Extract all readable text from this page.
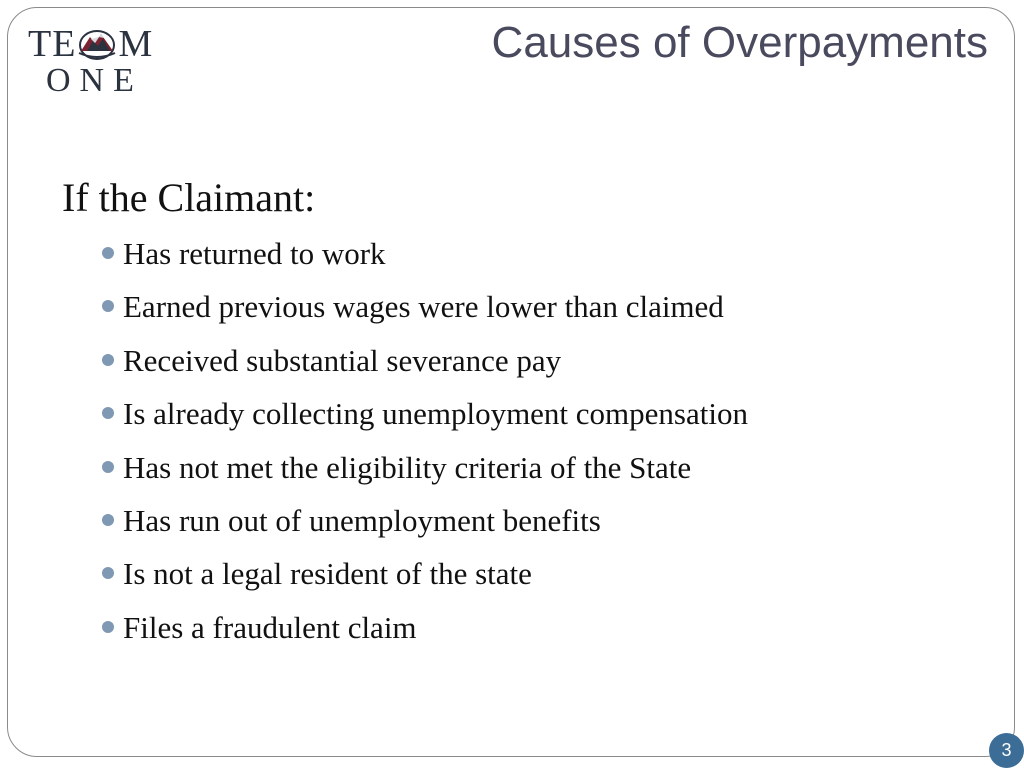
TE M
ONE
Causes of Overpayments
If the Claimant:
Has returned to work
Earned previous wages were lower than claimed
Received substantial severance pay
Is already collecting unemployment compensation
Has not met the eligibility criteria of the State
Has run out of unemployment benefits
Is not a legal resident of the state
Files a fraudulent claim
3
